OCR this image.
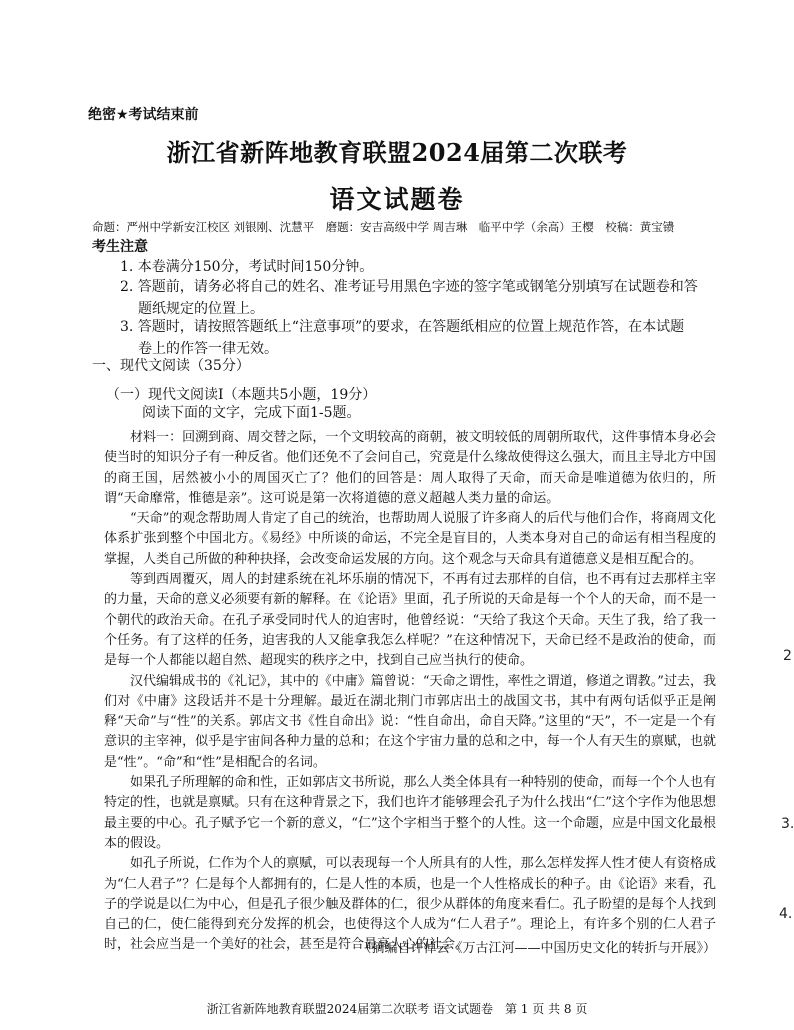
绝密★考试结束前
浙江省新阵地教育联盟2024届第二次联考
语文试题卷
命题：严州中学新安江校区 刘银刚、沈慧平　磨题：安吉高级中学 周吉琳　临平中学（余高）王樱　校稿：黄宝镄
考生注意
1. 本卷满分150分，考试时间150分钟。
2. 答题前，请务必将自己的姓名、准考证号用黑色字迹的签字笔或钢笔分别填写在试题卷和答
题纸规定的位置上。
3. 答题时，请按照答题纸上“注意事项”的要求，在答题纸相应的位置上规范作答，在本试题
卷上的作答一律无效。
一、现代文阅读（35分）
（一）现代文阅读Ⅰ（本题共5小题，19分）
阅读下面的文字，完成下面1-5题。

材料一：回溯到商、周交替之际，一个文明较高的商朝，被文明较低的周朝所取代，这件事情本身必会使当时的知识分子有一种反省。他们还免不了会问自己，究竟是什么缘故使得这么强大，而且主导北方中国的商王国，居然被小小的周国灭亡了？他们的回答是：周人取得了天命，而天命是唯道德为依归的，所谓“天命靡常，惟德是亲”。这可说是第一次将道德的意义超越人类力量的命运。

“天命”的观念帮助周人肯定了自己的统治，也帮助周人说服了许多商人的后代与他们合作，将商周文化体系扩张到整个中国北方。《易经》中所谈的命运，不完全是盲目的，人类本身对自己的命运有相当程度的掌握，人类自己所做的种种抉择，会改变命运发展的方向。这个观念与天命具有道德意义是相互配合的。

等到西周覆灭，周人的封建系统在礼坏乐崩的情况下，不再有过去那样的自信，也不再有过去那样主宰的力量，天命的意义必须要有新的解释。在《论语》里面，孔子所说的天命是每一个个人的天命，而不是一个朝代的政治天命。在孔子承受同时代人的迫害时，他曾经说：“天给了我这个天命。天生了我，给了我一个任务。有了这样的任务，迫害我的人又能拿我怎么样呢？”在这种情况下，天命已经不是政治的使命，而是每一个人都能以超自然、超现实的秩序之中，找到自己应当执行的使命。

汉代编辑成书的《礼记》，其中的《中庸》篇曾说：“天命之谓性，率性之谓道，修道之谓教。”过去，我们对《中庸》这段话并不是十分理解。最近在湖北荆门市郭店出土的战国文书，其中有两句话似乎正是阐释“天命”与“性”的关系。郭店文书《性自命出》说：“性自命出，命自天降。”这里的“天”，不一定是一个有意识的主宰神，似乎是宇宙间各种力量的总和；在这个宇宙力量的总和之中，每一个人有天生的禀赋，也就是“性”。“命”和“性”是相配合的名词。

如果孔子所理解的命和性，正如郭店文书所说，那么人类全体具有一种特别的使命，而每一个个人也有特定的性，也就是禀赋。只有在这种背景之下，我们也许才能够理会孔子为什么找出“仁”这个字作为他思想最主要的中心。孔子赋予它一个新的意义，“仁”这个字相当于整个的人性。这一个命题，应是中国文化最根本的假设。

如孔子所说，仁作为个人的禀赋，可以表现每一个人所具有的人性，那么怎样发挥人性才使人有资格成为“仁人君子”？仁是每个人都拥有的，仁是人性的本质，也是一个人性格成长的种子。由《论语》来看，孔子的学说是以仁为中心，但是孔子很少触及群体的仁，很少从群体的角度来看仁。孔子盼望的是每个人找到自己的仁，使仁能得到充分发挥的机会，也使得这个人成为“仁人君子”。理论上，有许多个别的仁人君子时，社会应当是一个美好的社会，甚至是符合最高人心的社会。

（摘编自许倬云《万古江河——中国历史文化的转折与开展》）
浙江省新阵地教育联盟2024届第二次联考 语文试题卷　第 1 页 共 8 页
2
3.
4.
